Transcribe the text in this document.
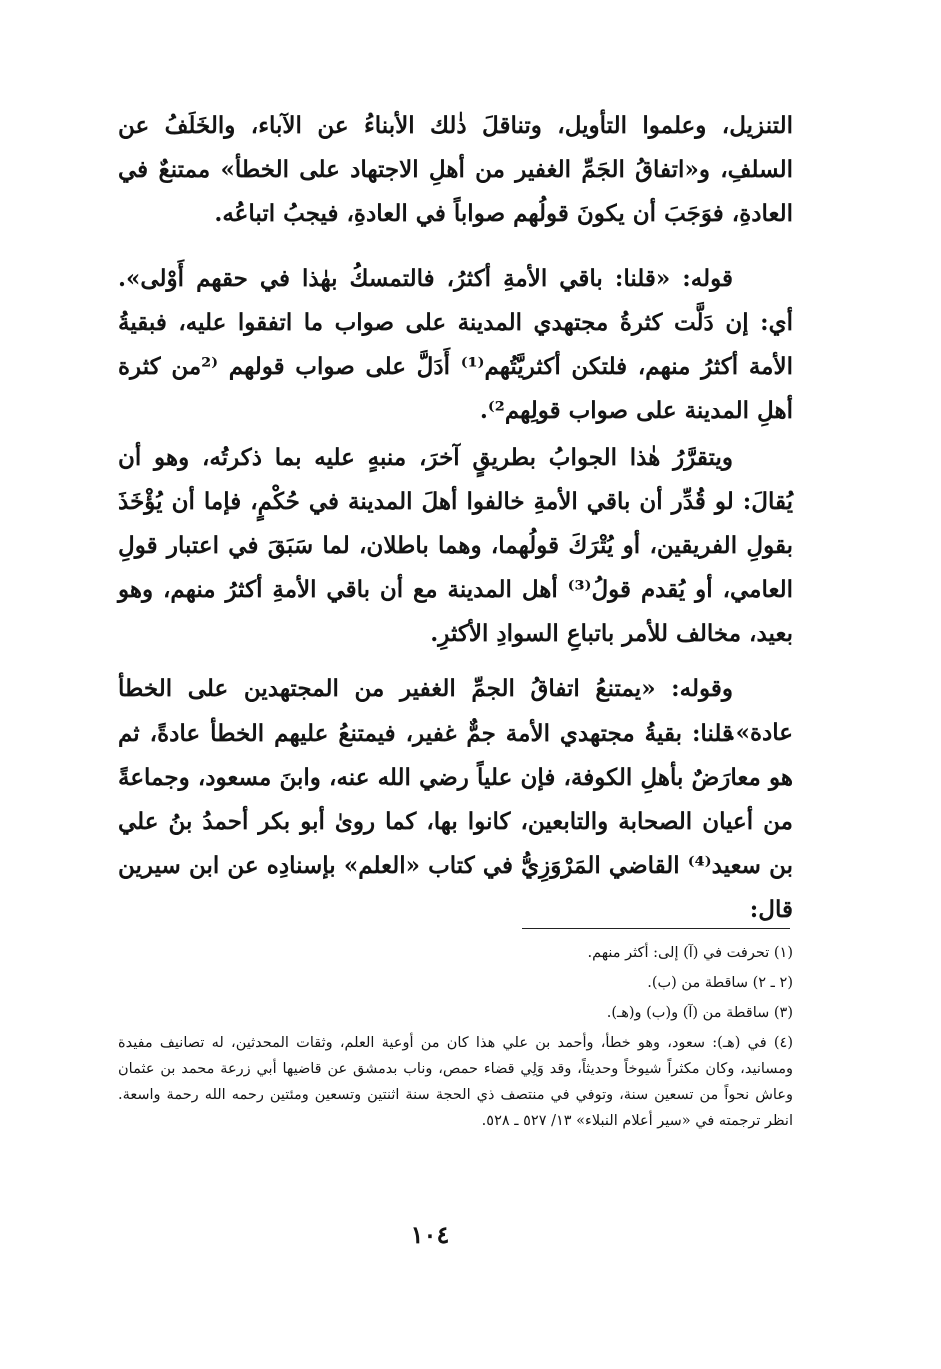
التنزيل، وعلموا التأويل، وتناقلَ ذٰلك الأبناءُ عن الآباء، والخَلَفُ عن السلفِ، و«اتفاقُ الجَمِّ الغفير من أهلِ الاجتهاد على الخطأ» ممتنعٌ في العادةِ، فوَجَبَ أن يكونَ قولُهم صواباً في العادةِ، فيجبُ اتباعُه.

قوله: «قلنا: باقي الأمةِ أكثرُ، فالتمسكُ بهٰذا في حقهم أَوْلى». أي: إن دَلَّت كثرةُ مجتهدي المدينة على صواب ما اتفقوا عليه، فبقيةُ الأمة أكثرُ منهم، فلتكن أكثريَّتُهم⁽¹⁾ أَدَلَّ على صواب قولهم ⁽²من كثرة أهلِ المدينة على صواب قولِهم²⁾.

ويتقرَّرُ هٰذا الجوابُ بطريقٍ آخرَ، منبهٍ عليه بما ذكرتُه، وهو أن يُقالَ: لو قُدِّر أن باقي الأمةِ خالفوا أهلَ المدينة في حُكْمٍ، فإما أن يُؤْخَذَ بقولِ الفريقين، أو يُتْرَكَ قولُهما، وهما باطلان، لما سَبَقَ في اعتبار قولِ العامي، أو يُقدم قولُ⁽³⁾ أهل المدينة مع أن باقي الأمةِ أكثرُ منهم، وهو بعيد، مخالف للأمر باتباعِ السوادِ الأكثرِ.

وقوله: «يمتنعُ اتفاقُ الجمِّ الغفير من المجتهدين على الخطأ عادة».

قلنا: بقيةُ مجتهدي الأمة جمٌّ غفير، فيمتنعُ عليهم الخطأ عادةً، ثم هو معارَضٌ بأهلِ الكوفة، فإن علياً رضي الله عنه، وابنَ مسعود، وجماعةً من أعيان الصحابة والتابعين، كانوا بها، كما روىٰ أبو بكر أحمدُ بنُ علي بن سعيد⁽⁴⁾ القاضي المَرْوَزِيُّ في كتاب «العلم» بإسنادِه عن ابن سيرين قال:

(١) تحرفت في (آ) إلى: أكثر منهم.

(٢ ـ ٢) ساقطة من (ب).

(٣) ساقطة من (آ) و(ب) و(هـ).

(٤) في (هـ): سعود، وهو خطأ، وأحمد بن علي هذا كان من أوعية العلم، وثقات المحدثين، له تصانيف مفيدة ومسانيد، وكان مكثراً شيوخاً وحديثاً، وقد وَلِي قضاء حمص، وناب بدمشق عن قاضيها أبي زرعة محمد بن عثمان وعاش نحواً من تسعين سنة، وتوفي في منتصف ذي الحجة سنة اثنتين وتسعين ومئتين رحمه الله رحمة واسعة. انظر ترجمته في «سير أعلام النبلاء» ١٣/ ٥٢٧ ـ ٥٢٨.

١٠٤
